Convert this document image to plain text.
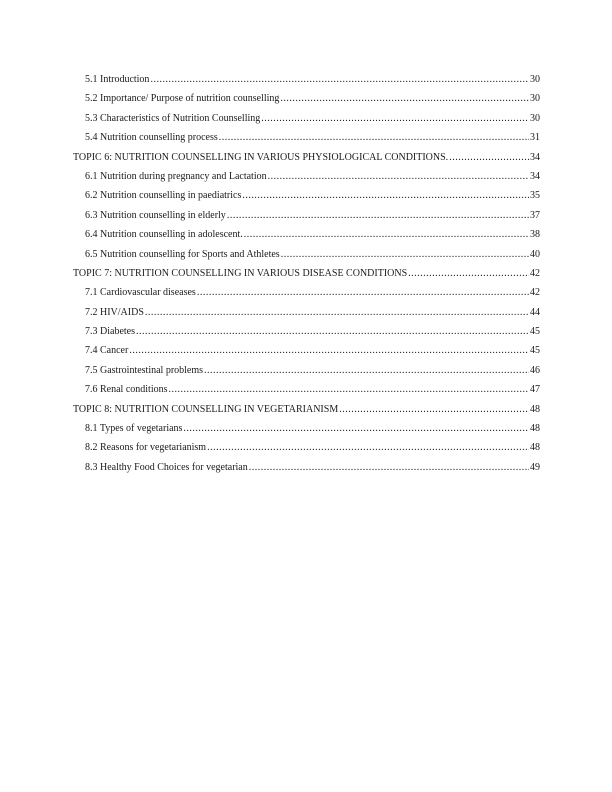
5.1 Introduction .....	30
5.2 Importance/ Purpose of nutrition counselling .....	30
5.3 Characteristics of Nutrition Counselling .....	30
5.4 Nutrition counselling process .....	31
TOPIC 6: NUTRITION COUNSELLING IN VARIOUS PHYSIOLOGICAL CONDITIONS. .....	34
6.1 Nutrition during pregnancy and Lactation .....	34
6.2 Nutrition counselling in paediatrics .....	35
6.3 Nutrition counselling in elderly .....	37
6.4 Nutrition counselling in adolescent. .....	38
6.5 Nutrition counselling for Sports and Athletes .....	40
TOPIC 7: NUTRITION COUNSELLING IN VARIOUS DISEASE CONDITIONS .....	42
7.1 Cardiovascular diseases .....	42
7.2 HIV/AIDS .....	44
7.3 Diabetes .....	45
7.4 Cancer .....	45
7.5 Gastrointestinal problems .....	46
7.6 Renal conditions .....	47
TOPIC 8: NUTRITION COUNSELLING IN VEGETARIANISM .....	48
8.1 Types of vegetarians .....	48
8.2 Reasons for vegetarianism .....	48
8.3 Healthy Food Choices for vegetarian .....	49
